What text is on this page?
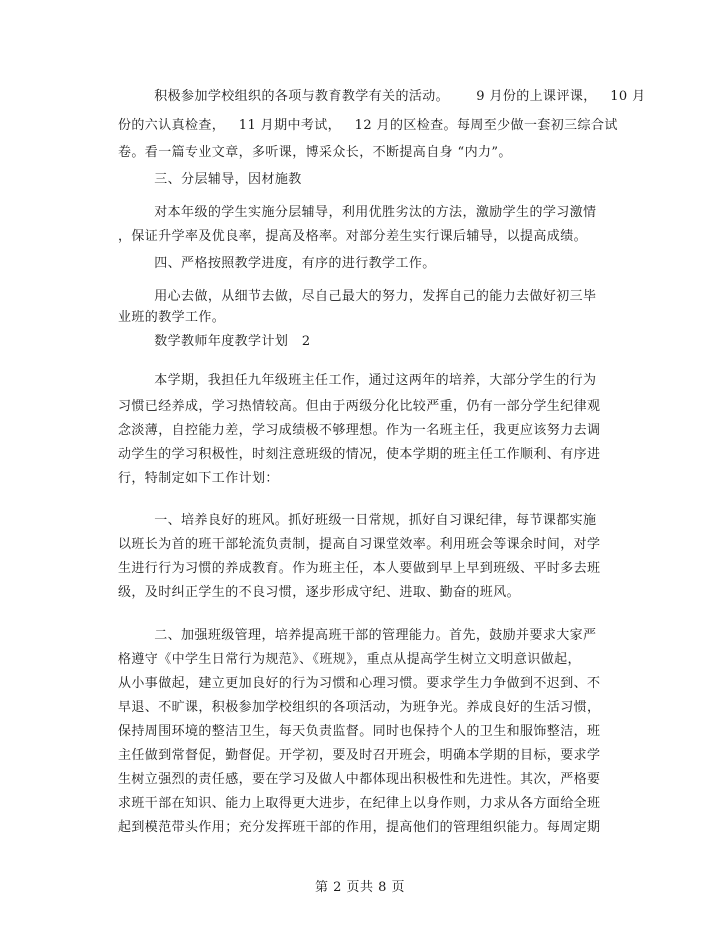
积极参加学校组织的各项与教育教学有关的活动。      9 月份的上课评课，   10 月
份的六认真检查，   11 月期中考试，   12 月的区检查。每周至少做一套初三综合试
卷。看一篇专业文章，多听课，博采众长，不断提高自身 “内力”。
三、分层辅导，因材施教
对本年级的学生实施分层辅导，利用优胜劣汰的方法，激励学生的学习激情
，保证升学率及优良率，提高及格率。对部分差生实行课后辅导，以提高成绩。
四、严格按照教学进度，有序的进行教学工作。
用心去做，从细节去做，尽自己最大的努力，发挥自己的能力去做好初三毕
业班的教学工作。
数学教师年度教学计划   2
本学期，我担任九年级班主任工作，通过这两年的培养，大部分学生的行为
习惯已经养成，学习热情较高。但由于两级分化比较严重，仍有一部分学生纪律观
念淡薄，自控能力差，学习成绩极不够理想。作为一名班主任，我更应该努力去调
动学生的学习积极性，时刻注意班级的情况，使本学期的班主任工作顺利、有序进
行，特制定如下工作计划：
一、培养良好的班风。抓好班级一日常规，抓好自习课纪律，每节课都实施
以班长为首的班干部轮流负责制，提高自习课堂效率。利用班会等课余时间，对学
生进行行为习惯的养成教育。作为班主任，本人要做到早上早到班级、平时多去班
级，及时纠正学生的不良习惯，逐步形成守纪、进取、勤奋的班风。
二、加强班级管理，培养提高班干部的管理能力。首先，鼓励并要求大家严
格遵守《中学生日常行为规范》、《班规》，重点从提高学生树立文明意识做起，
从小事做起，建立更加良好的行为习惯和心理习惯。要求学生力争做到不迟到、不
早退、不旷课，积极参加学校组织的各项活动，为班争光。养成良好的生活习惯，
保持周围环境的整洁卫生，每天负责监督。同时也保持个人的卫生和服饰整洁，班
主任做到常督促，勤督促。开学初，要及时召开班会，明确本学期的目标，要求学
生树立强烈的责任感，要在学习及做人中都体现出积极性和先进性。其次，严格要
求班干部在知识、能力上取得更大进步，在纪律上以身作则，力求从各方面给全班
起到模范带头作用；充分发挥班干部的作用，提高他们的管理组织能力。每周定期
第 2 页共 8 页
